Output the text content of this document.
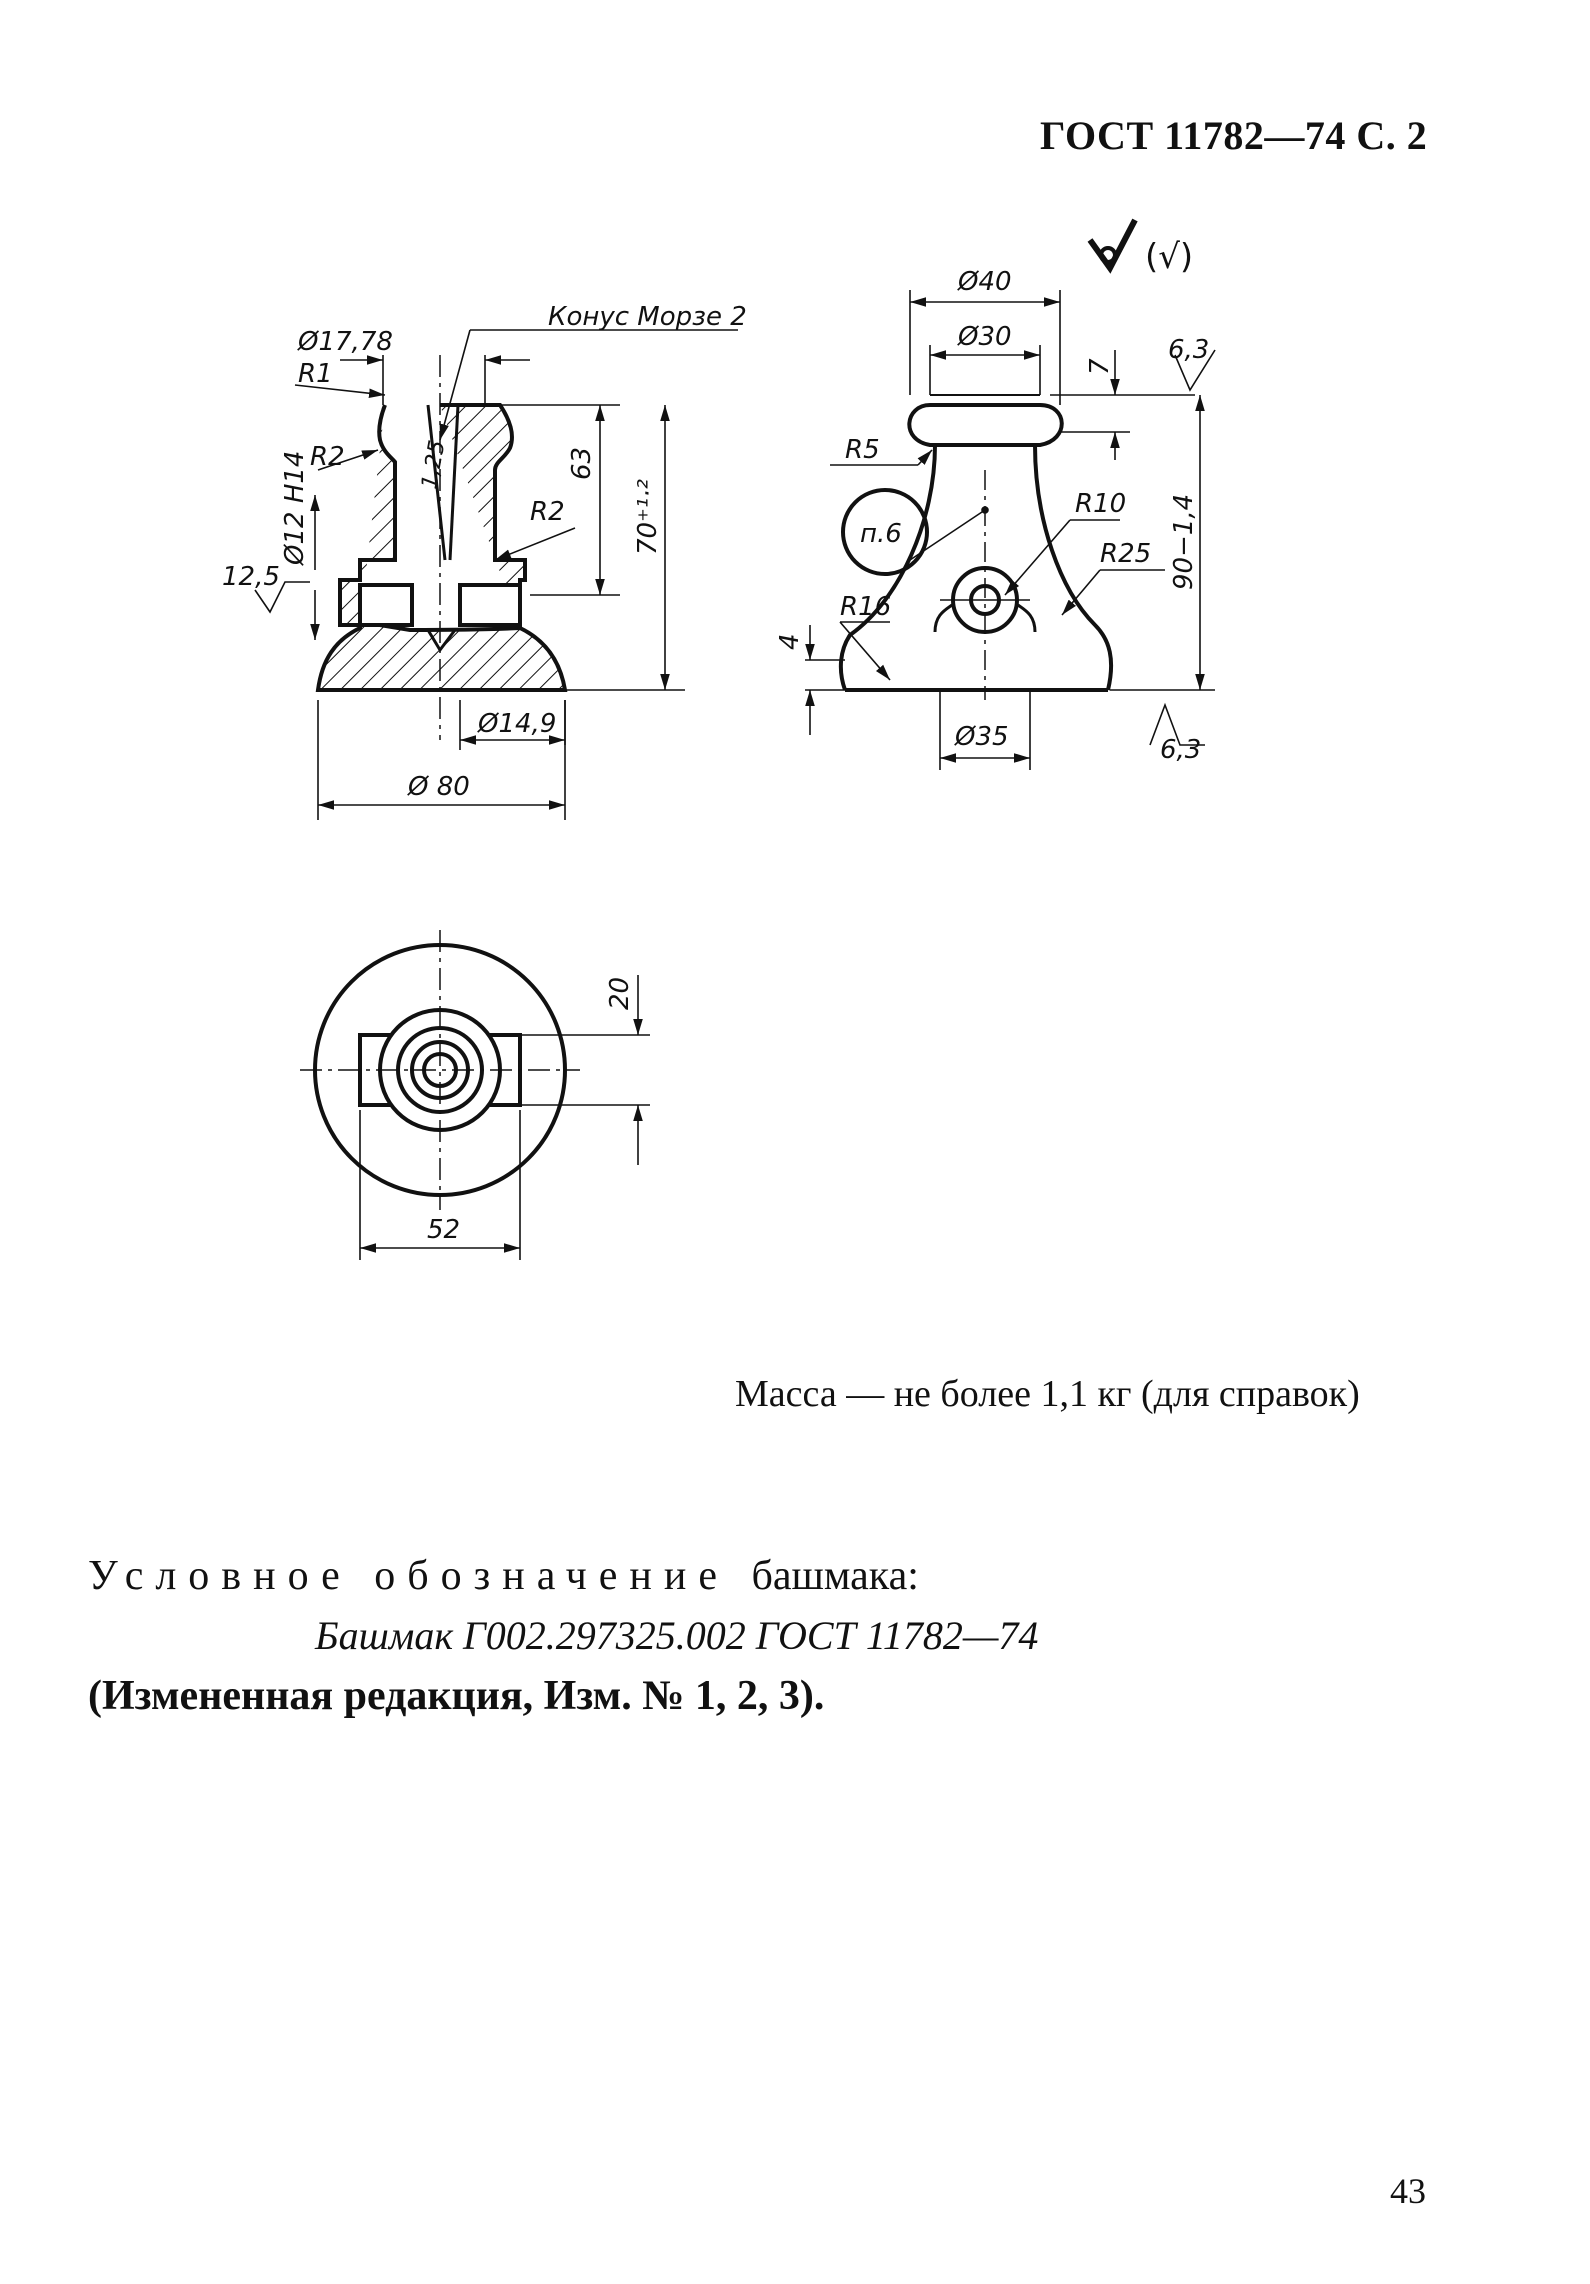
ГОСТ 11782—74 С. 2
Ø17,78
R1
Конус Морзе 2
R2
R2
Ø12 H14	1,25
12,5
63
70⁺¹·²
Ø14,9
Ø 80
Ø40
Ø30
7
6,3
R5
п.6
R10
R25 90−1,4
R16
4
Ø35	6,3
(√)
20
52
Масса — не более 1,1 кг (для справок)
Условное обозначение башмака:
Башмак Г002.297325.002 ГОСТ 11782—74
(Измененная редакция, Изм. № 1, 2, 3).
43
